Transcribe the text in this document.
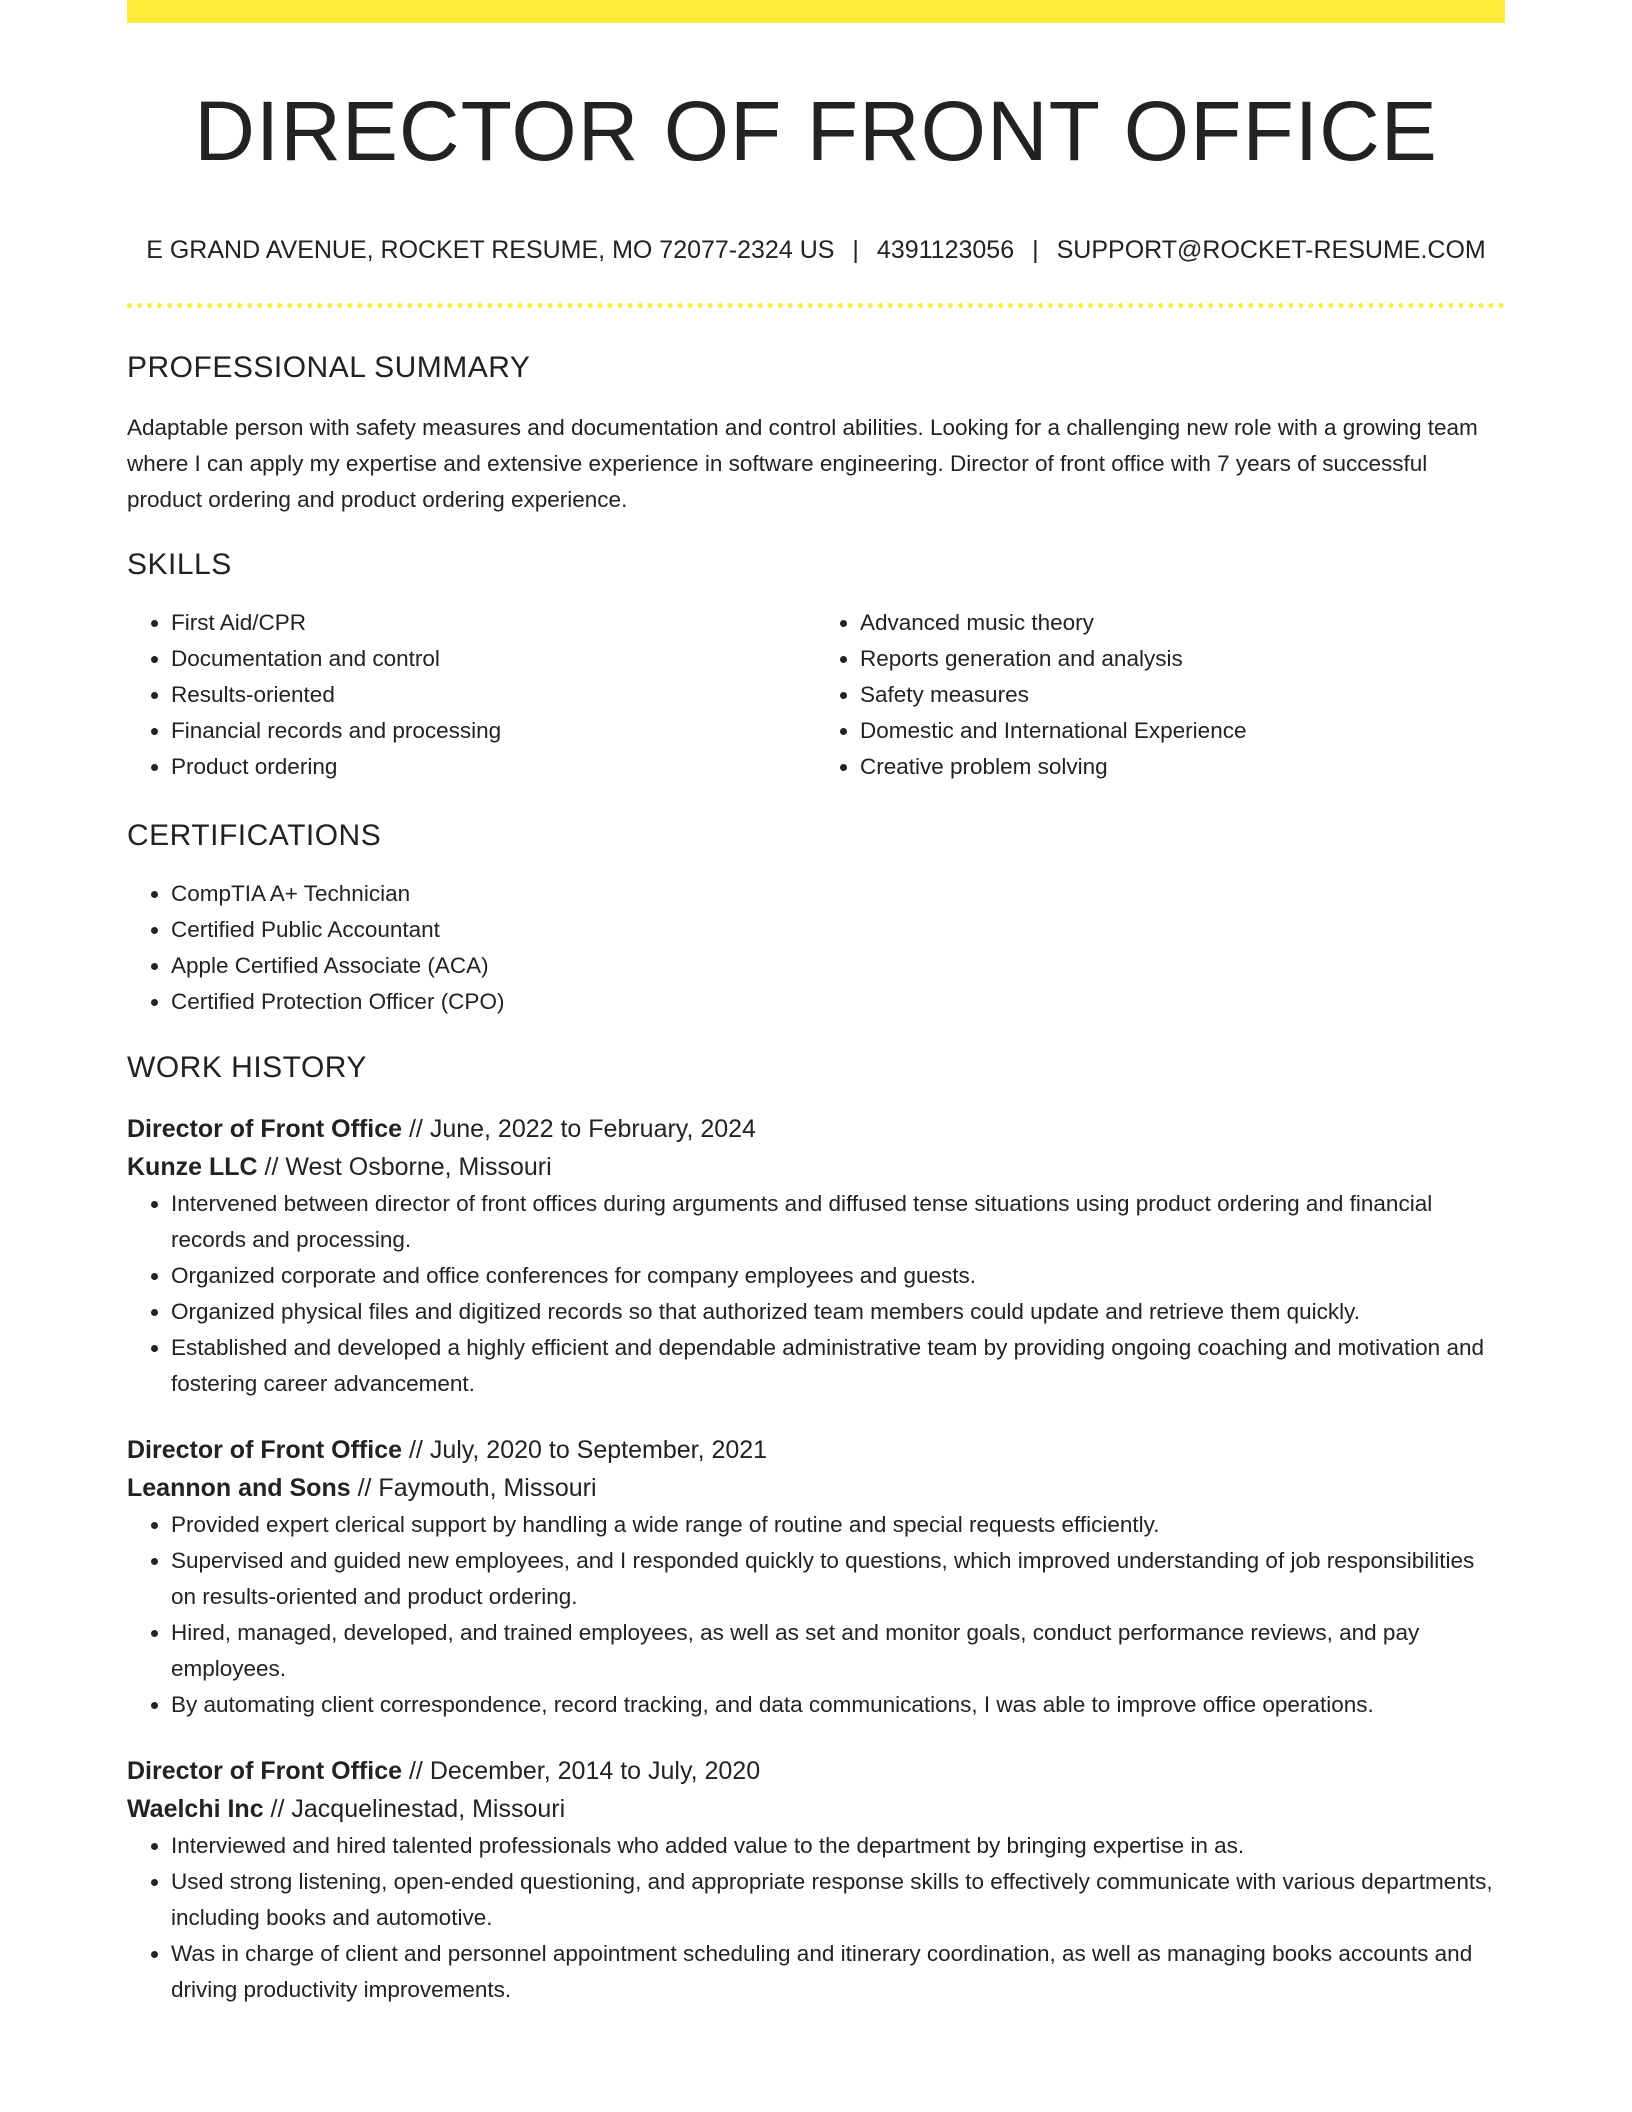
DIRECTOR OF FRONT OFFICE
E GRAND AVENUE, ROCKET RESUME, MO 72077-2324 US | 4391123056 | SUPPORT@ROCKET-RESUME.COM
PROFESSIONAL SUMMARY

Adaptable person with safety measures and documentation and control abilities. Looking for a challenging new role with a growing team where I can apply my expertise and extensive experience in software engineering. Director of front office with 7 years of successful product ordering and product ordering experience.

SKILLS
• First Aid/CPR
• Documentation and control
• Results-oriented
• Financial records and processing
• Product ordering
• Advanced music theory
• Reports generation and analysis
• Safety measures
• Domestic and International Experience
• Creative problem solving
CERTIFICATIONS
• CompTIA A+ Technician
• Certified Public Accountant
• Apple Certified Associate (ACA)
• Certified Protection Officer (CPO)
WORK HISTORY
Director of Front Office // June, 2022 to February, 2024
Kunze LLC // West Osborne, Missouri
• Intervened between director of front offices during arguments and diffused tense situations using product ordering and financial records and processing.
• Organized corporate and office conferences for company employees and guests.
• Organized physical files and digitized records so that authorized team members could update and retrieve them quickly.
• Established and developed a highly efficient and dependable administrative team by providing ongoing coaching and motivation and fostering career advancement.
Director of Front Office // July, 2020 to September, 2021
Leannon and Sons // Faymouth, Missouri
• Provided expert clerical support by handling a wide range of routine and special requests efficiently.
• Supervised and guided new employees, and I responded quickly to questions, which improved understanding of job responsibilities on results-oriented and product ordering.
• Hired, managed, developed, and trained employees, as well as set and monitor goals, conduct performance reviews, and pay employees.
• By automating client correspondence, record tracking, and data communications, I was able to improve office operations.
Director of Front Office // December, 2014 to July, 2020
Waelchi Inc // Jacquelinestad, Missouri
• Interviewed and hired talented professionals who added value to the department by bringing expertise in as.
• Used strong listening, open-ended questioning, and appropriate response skills to effectively communicate with various departments, including books and automotive.
• Was in charge of client and personnel appointment scheduling and itinerary coordination, as well as managing books accounts and driving productivity improvements.
